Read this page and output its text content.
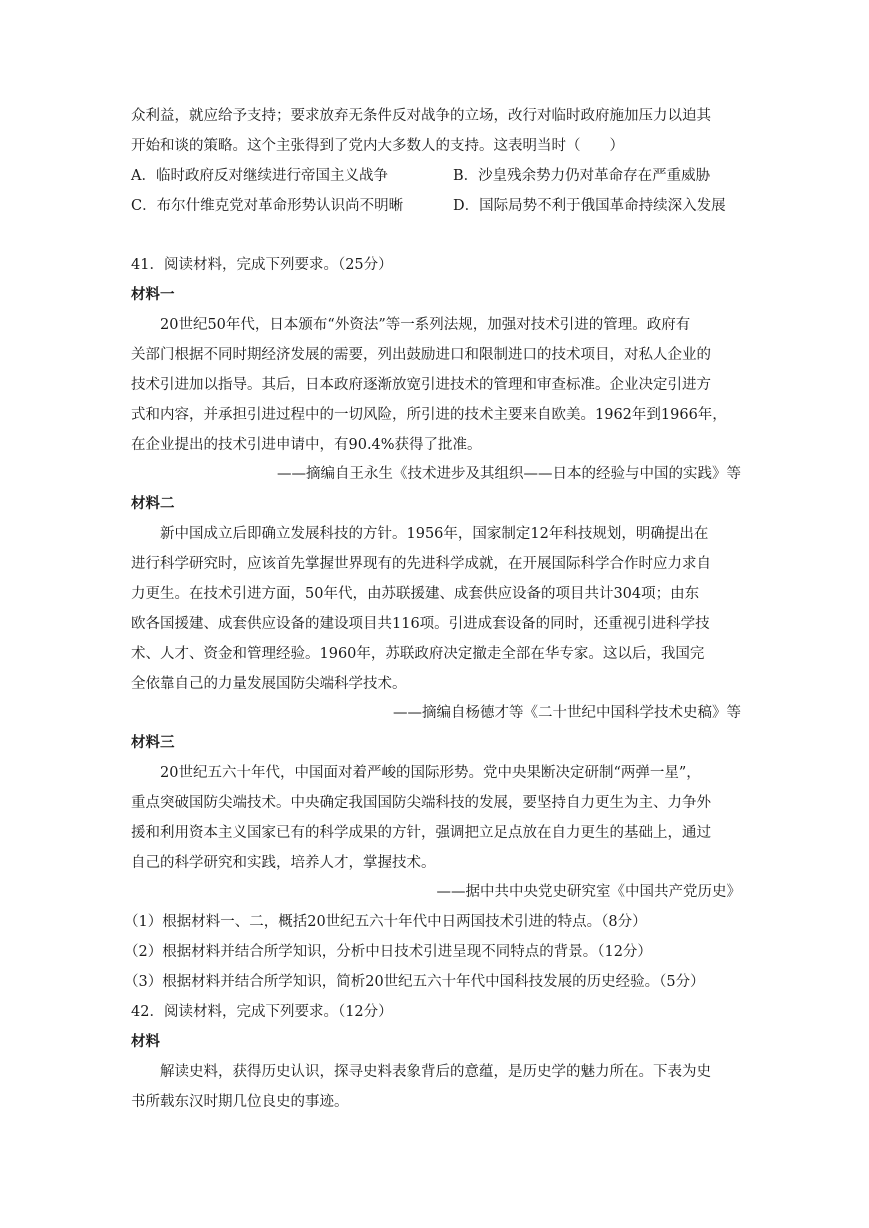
众利益，就应给予支持；要求放弃无条件反对战争的立场，改行对临时政府施加压力以迫其
开始和谈的策略。这个主张得到了党内大多数人的支持。这表明当时（　　）
A．临时政府反对继续进行帝国主义战争	B．沙皇残余势力仍对革命存在严重威胁
C．布尔什维克党对革命形势认识尚不明晰	D．国际局势不利于俄国革命持续深入发展
41．阅读材料，完成下列要求。（25分）
材料一
20世纪50年代，日本颁布“外资法”等一系列法规，加强对技术引进的管理。政府有
关部门根据不同时期经济发展的需要，列出鼓励进口和限制进口的技术项目，对私人企业的
技术引进加以指导。其后，日本政府逐渐放宽引进技术的管理和审查标准。企业决定引进方
式和内容，并承担引进过程中的一切风险，所引进的技术主要来自欧美。1962年到1966年，
在企业提出的技术引进申请中，有90.4%获得了批准。
——摘编自王永生《技术进步及其组织——日本的经验与中国的实践》等
材料二
新中国成立后即确立发展科技的方针。1956年，国家制定12年科技规划，明确提出在
进行科学研究时，应该首先掌握世界现有的先进科学成就，在开展国际科学合作时应力求自
力更生。在技术引进方面，50年代，由苏联援建、成套供应设备的项目共计304项；由东
欧各国援建、成套供应设备的建设项目共116项。引进成套设备的同时，还重视引进科学技
术、人才、资金和管理经验。1960年，苏联政府决定撤走全部在华专家。这以后，我国完
全依靠自己的力量发展国防尖端科学技术。
——摘编自杨德才等《二十世纪中国科学技术史稿》等
材料三
20世纪五六十年代，中国面对着严峻的国际形势。党中央果断决定研制“两弹一星”，
重点突破国防尖端技术。中央确定我国国防尖端科技的发展，要坚持自力更生为主、力争外
援和利用资本主义国家已有的科学成果的方针，强调把立足点放在自力更生的基础上，通过
自己的科学研究和实践，培养人才，掌握技术。
——据中共中央党史研究室《中国共产党历史》
（1）根据材料一、二，概括20世纪五六十年代中日两国技术引进的特点。（8分）
（2）根据材料并结合所学知识，分析中日技术引进呈现不同特点的背景。（12分）
（3）根据材料并结合所学知识，简析20世纪五六十年代中国科技发展的历史经验。（5分）
42．阅读材料，完成下列要求。（12分）
材料
解读史料，获得历史认识，探寻史料表象背后的意蕴，是历史学的魅力所在。下表为史
书所载东汉时期几位良史的事迹。
